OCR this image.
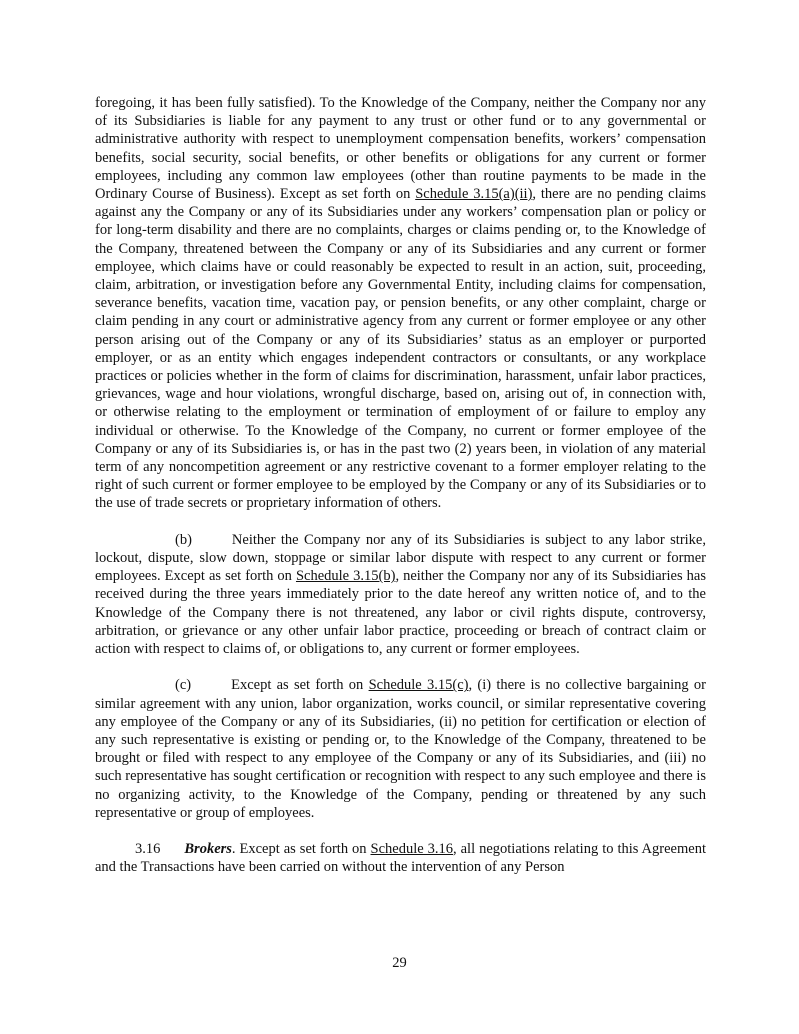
foregoing, it has been fully satisfied). To the Knowledge of the Company, neither the Company nor any of its Subsidiaries is liable for any payment to any trust or other fund or to any governmental or administrative authority with respect to unemployment compensation benefits, workers’ compensation benefits, social security, social benefits, or other benefits or obligations for any current or former employees, including any common law employees (other than routine payments to be made in the Ordinary Course of Business). Except as set forth on Schedule 3.15(a)(ii), there are no pending claims against any the Company or any of its Subsidiaries under any workers’ compensation plan or policy or for long-term disability and there are no complaints, charges or claims pending or, to the Knowledge of the Company, threatened between the Company or any of its Subsidiaries and any current or former employee, which claims have or could reasonably be expected to result in an action, suit, proceeding, claim, arbitration, or investigation before any Governmental Entity, including claims for compensation, severance benefits, vacation time, vacation pay, or pension benefits, or any other complaint, charge or claim pending in any court or administrative agency from any current or former employee or any other person arising out of the Company or any of its Subsidiaries’ status as an employer or purported employer, or as an entity which engages independent contractors or consultants, or any workplace practices or policies whether in the form of claims for discrimination, harassment, unfair labor practices, grievances, wage and hour violations, wrongful discharge, based on, arising out of, in connection with, or otherwise relating to the employment or termination of employment of or failure to employ any individual or otherwise. To the Knowledge of the Company, no current or former employee of the Company or any of its Subsidiaries is, or has in the past two (2) years been, in violation of any material term of any noncompetition agreement or any restrictive covenant to a former employer relating to the right of such current or former employee to be employed by the Company or any of its Subsidiaries or to the use of trade secrets or proprietary information of others.

(b)	Neither the Company nor any of its Subsidiaries is subject to any labor strike, lockout, dispute, slow down, stoppage or similar labor dispute with respect to any current or former employees. Except as set forth on Schedule 3.15(b), neither the Company nor any of its Subsidiaries has received during the three years immediately prior to the date hereof any written notice of, and to the Knowledge of the Company there is not threatened, any labor or civil rights dispute, controversy, arbitration, or grievance or any other unfair labor practice, proceeding or breach of contract claim or action with respect to claims of, or obligations to, any current or former employees.

(c)	Except as set forth on Schedule 3.15(c), (i) there is no collective bargaining or similar agreement with any union, labor organization, works council, or similar representative covering any employee of the Company or any of its Subsidiaries, (ii) no petition for certification or election of any such representative is existing or pending or, to the Knowledge of the Company, threatened to be brought or filed with respect to any employee of the Company or any of its Subsidiaries, and (iii) no such representative has sought certification or recognition with respect to any such employee and there is no organizing activity, to the Knowledge of the Company, pending or threatened by any such representative or group of employees.

3.16 Brokers. Except as set forth on Schedule 3.16, all negotiations relating to this Agreement and the Transactions have been carried on without the intervention of any Person

29
